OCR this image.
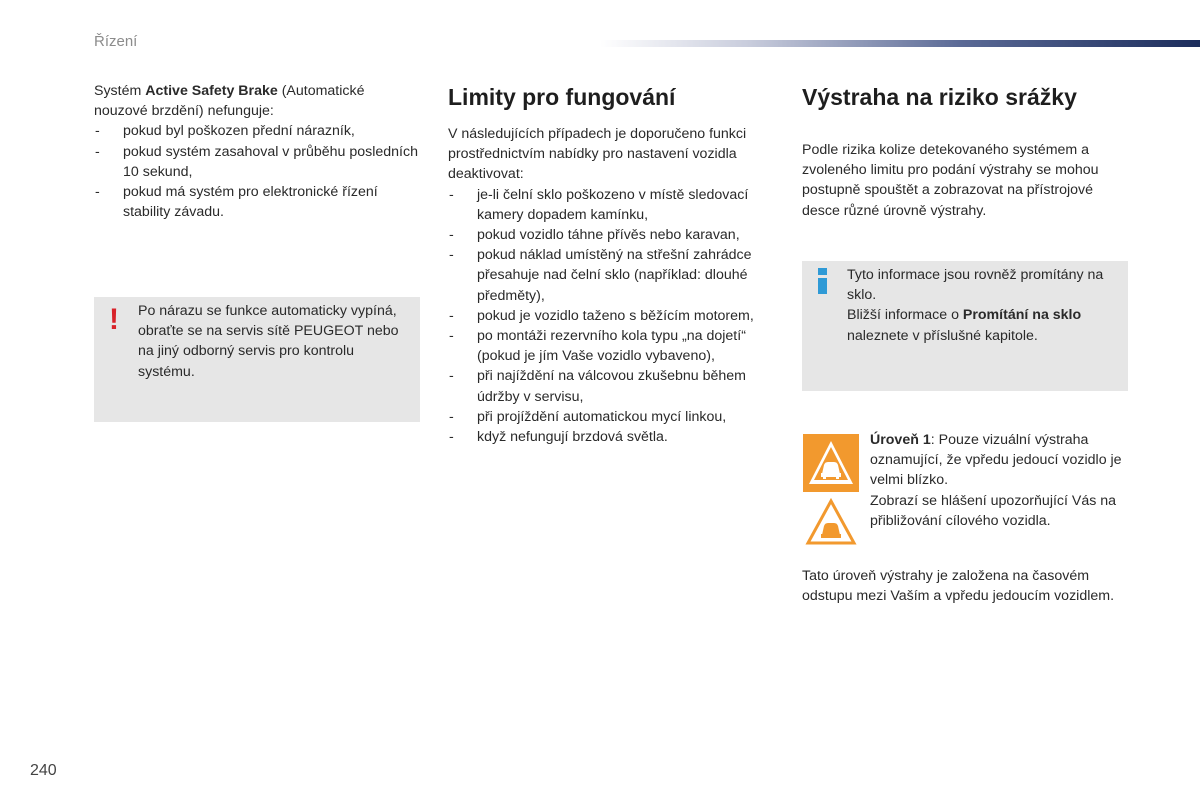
Řízení

Systém Active Safety Brake (Automatické nouzové brzdění) nefunguje:

- pokud byl poškozen přední nárazník,
- pokud systém zasahoval v průběhu posledních 10 sekund,
- pokud má systém pro elektronické řízení stability závadu.
! Po nárazu se funkce automaticky vypíná, obraťte se na servis sítě PEUGEOT nebo na jiný odborný servis pro kontrolu systému.
Limity pro fungování

V následujících případech je doporučeno funkci prostřednictvím nabídky pro nastavení vozidla deaktivovat:

- je-li čelní sklo poškozeno v místě sledovací kamery dopadem kamínku,
- pokud vozidlo táhne přívěs nebo karavan,
- pokud náklad umístěný na střešní zahrádce přesahuje nad čelní sklo (například: dlouhé předměty),
- pokud je vozidlo taženo s běžícím motorem,
- po montáži rezervního kola typu „na dojetí“ (pokud je jím Vaše vozidlo vybaveno),
- při najíždění na válcovou zkušebnu během údržby v servisu,
- při projíždění automatickou mycí linkou,
- když nefungují brzdová světla.
Výstraha na riziko srážky

Podle rizika kolize detekovaného systémem a zvoleného limitu pro podání výstrahy se mohou postupně spouštět a zobrazovat na přístrojové desce různé úrovně výstrahy.

Tyto informace jsou rovněž promítány na sklo.

Bližší informace o Promítání na sklo naleznete v příslušné kapitole.

Úroveň 1: Pouze vizuální výstraha oznamující, že vpředu jedoucí vozidlo je velmi blízko.

Zobrazí se hlášení upozorňující Vás na přibližování cílového vozidla.

Tato úroveň výstrahy je založena na časovém odstupu mezi Vaším a vpředu jedoucím vozidlem.
240
